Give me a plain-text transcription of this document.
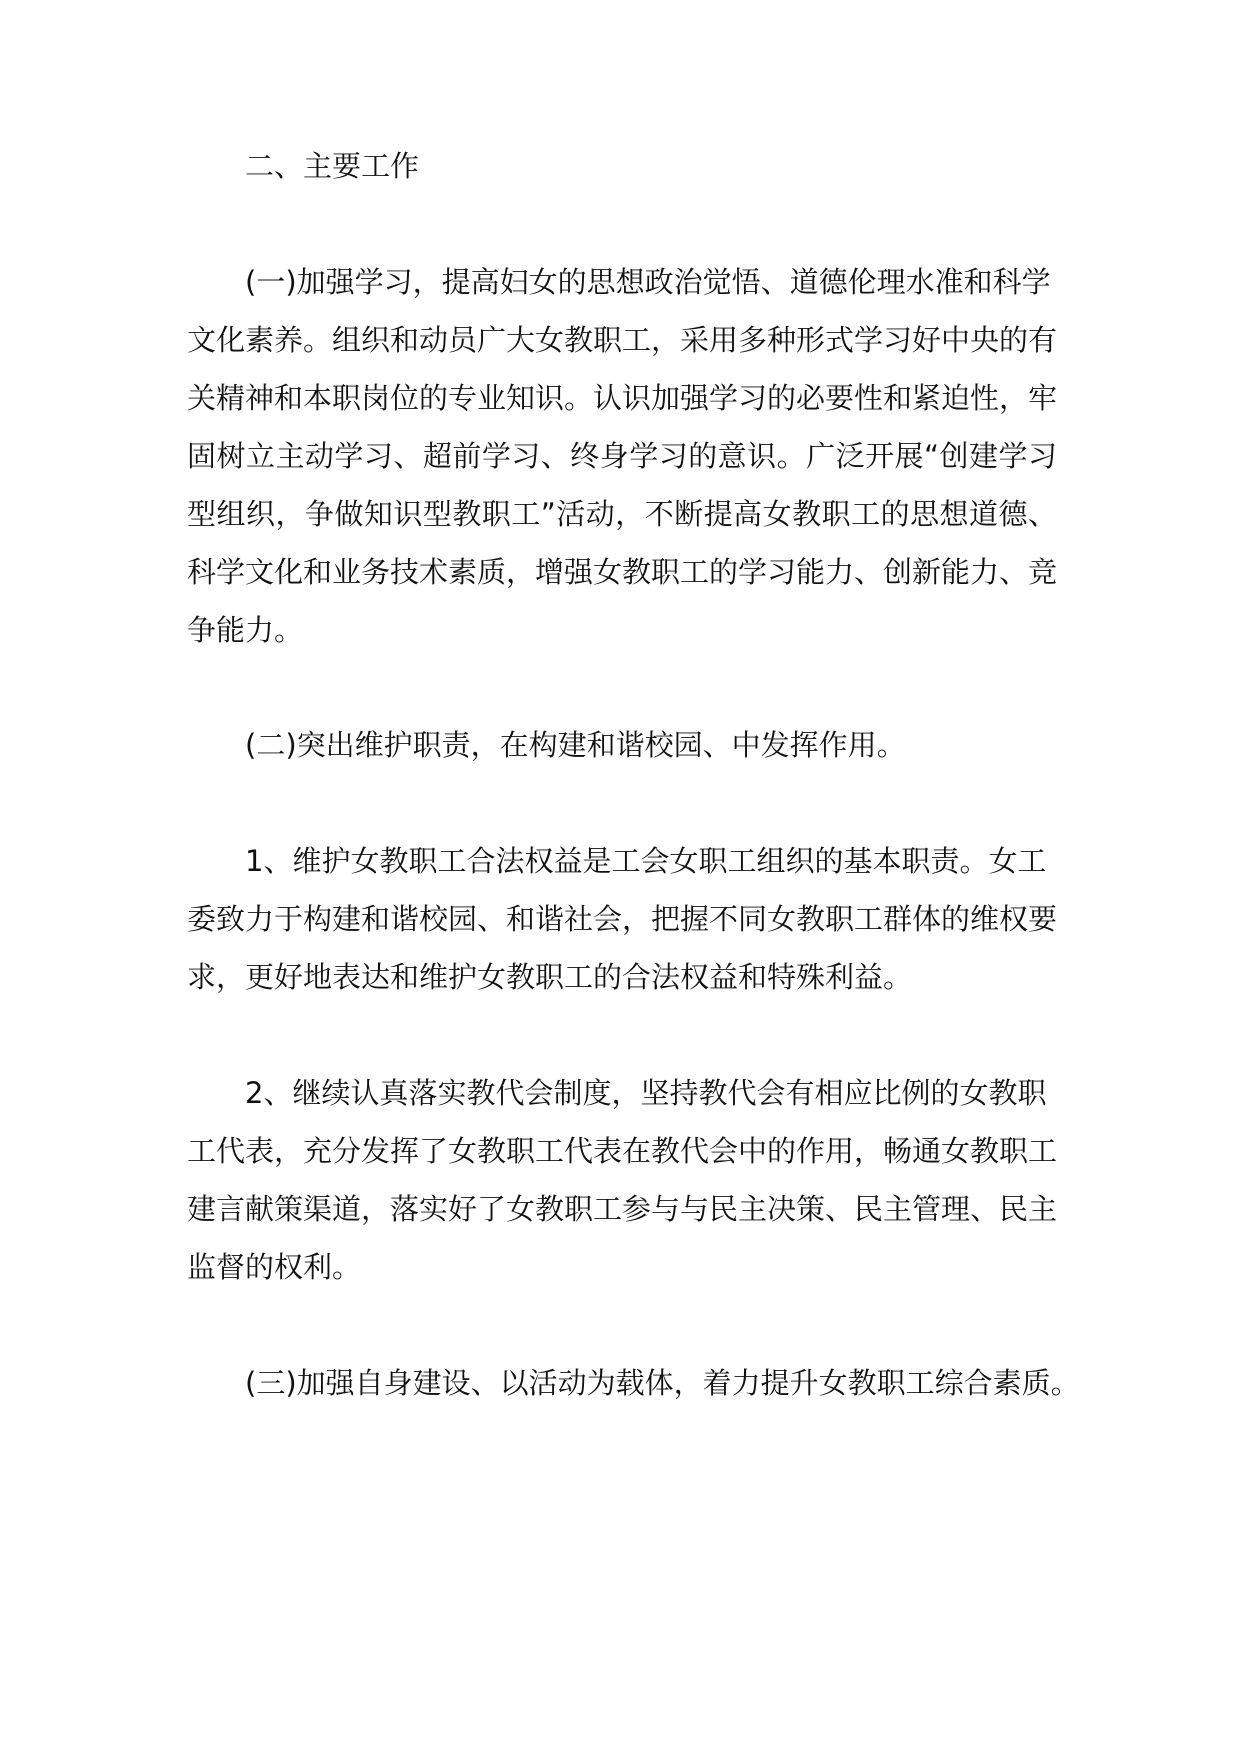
二、主要工作

(一)加强学习，提高妇女的思想政治觉悟、道德伦理水准和科学

文化素养。组织和动员广大女教职工，采用多种形式学习好中央的有

关精神和本职岗位的专业知识。认识加强学习的必要性和紧迫性，牢

固树立主动学习、超前学习、终身学习的意识。广泛开展“创建学习

型组织，争做知识型教职工”活动，不断提高女教职工的思想道德、

科学文化和业务技术素质，增强女教职工的学习能力、创新能力、竞

争能力。

(二)突出维护职责，在构建和谐校园、中发挥作用。

1、维护女教职工合法权益是工会女职工组织的基本职责。女工

委致力于构建和谐校园、和谐社会，把握不同女教职工群体的维权要

求，更好地表达和维护女教职工的合法权益和特殊利益。

2、继续认真落实教代会制度，坚持教代会有相应比例的女教职

工代表，充分发挥了女教职工代表在教代会中的作用，畅通女教职工

建言献策渠道，落实好了女教职工参与与民主决策、民主管理、民主

监督的权利。

(三)加强自身建设、以活动为载体，着力提升女教职工综合素质。
